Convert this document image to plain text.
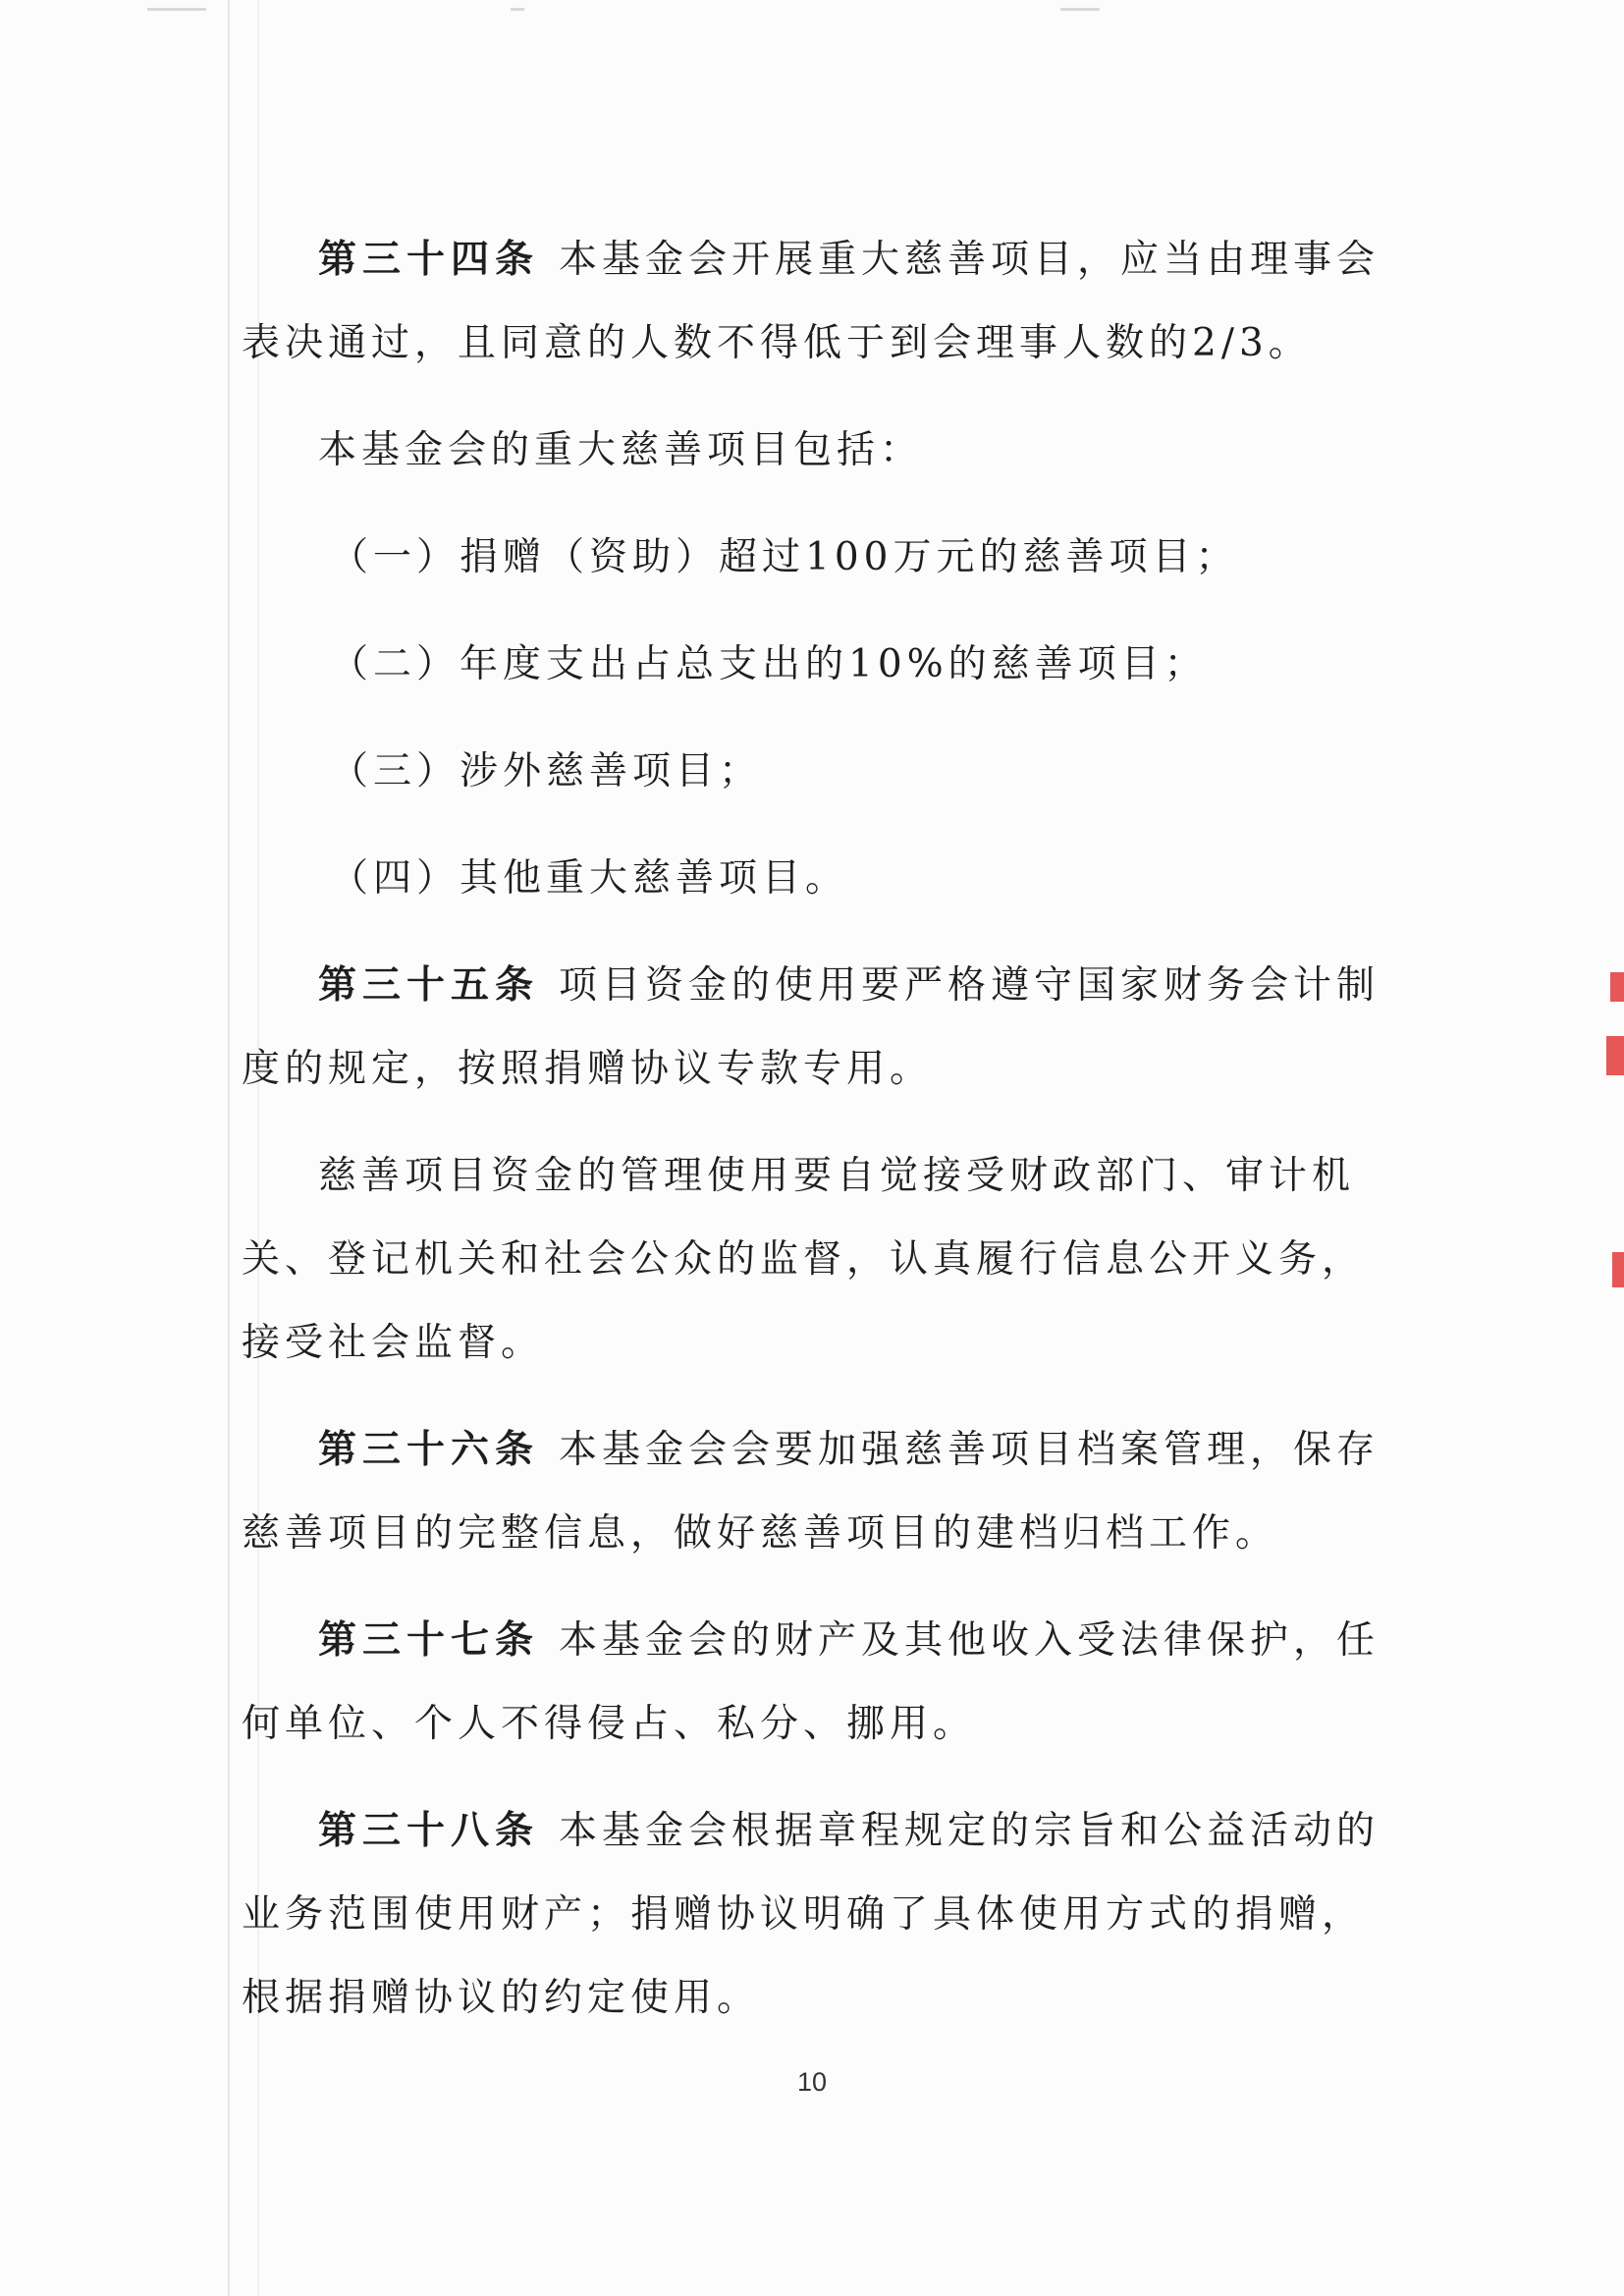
第三十四条 本基金会开展重大慈善项目，应当由理事会表决通过，且同意的人数不得低于到会理事人数的2/3。

本基金会的重大慈善项目包括：

（一）捐赠（资助）超过100万元的慈善项目；

（二）年度支出占总支出的10%的慈善项目；

（三）涉外慈善项目；

（四）其他重大慈善项目。

第三十五条 项目资金的使用要严格遵守国家财务会计制度的规定，按照捐赠协议专款专用。

慈善项目资金的管理使用要自觉接受财政部门、审计机关、登记机关和社会公众的监督，认真履行信息公开义务，接受社会监督。

第三十六条 本基金会会要加强慈善项目档案管理，保存慈善项目的完整信息，做好慈善项目的建档归档工作。

第三十七条 本基金会的财产及其他收入受法律保护，任何单位、个人不得侵占、私分、挪用。

第三十八条 本基金会根据章程规定的宗旨和公益活动的业务范围使用财产；捐赠协议明确了具体使用方式的捐赠，根据捐赠协议的约定使用。

10
